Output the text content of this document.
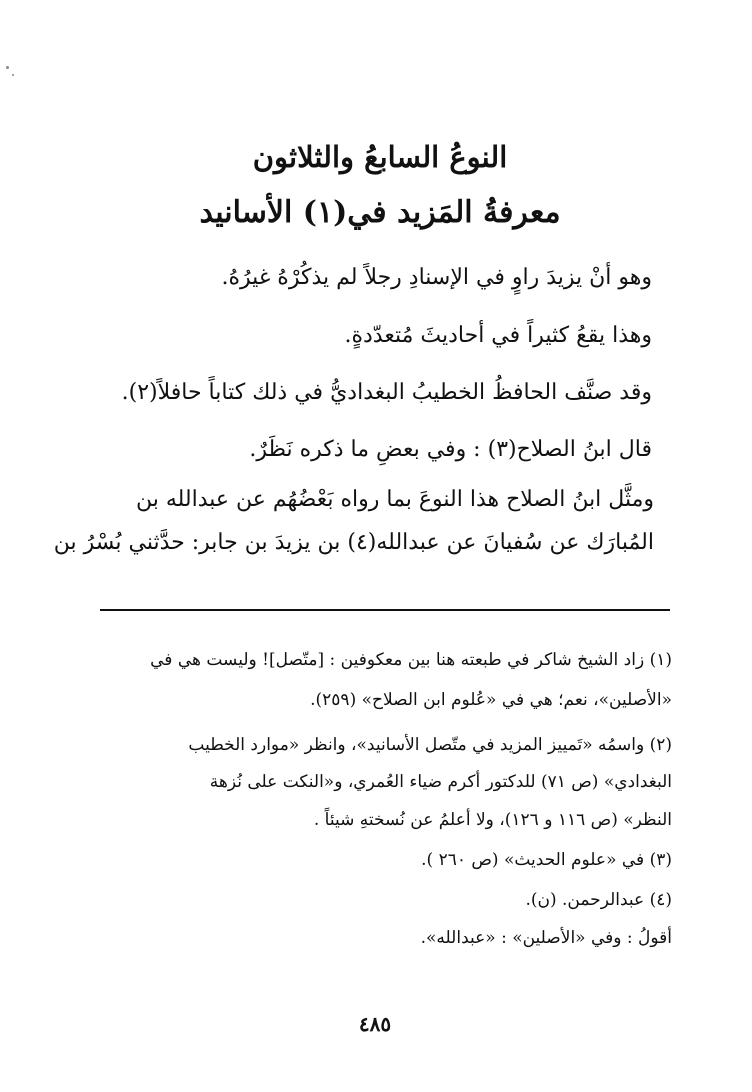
النوعُ السابعُ والثلاثون
معرفةُ المَزيد في(١) الأسانيد
وهو أنْ يزيدَ راوٍ في الإسنادِ رجلاً لم يذكُرْهُ غيرُهُ.
وهذا يقعُ كثيراً في أحاديثَ مُتعدّدةٍ.
وقد صنَّف الحافظُ الخطيبُ البغداديُّ في ذلك كتاباً حافلاً(٢).
قال ابنُ الصلاح(٣) : وفي بعضِ ما ذكره نَظَرٌ.
ومثَّل ابنُ الصلاح هذا النوعَ بما رواه بَعْضُهُم عن عبدالله بن
المُبارَك عن سُفيانَ عن عبدالله(٤) بن يزيدَ بن جابر: حدَّثني بُسْرُ بن
(١) زاد الشيخ شاكر في طبعته هنا بين معكوفين : [متّصل]! وليست هي في
«الأصلين»، نعم؛ هي في «عُلوم ابن الصلاح» (٢٥٩).
(٢) واسمُه «تَمييز المزيد في متّصل الأسانيد»، وانظر «موارد الخطيب
البغدادي» (ص ٧١) للدكتور أكرم ضياء العُمري، و«النكت على نُزهة
النظر» (ص ١١٦ و ١٢٦)، ولا أعلمُ عن نُسختهِ شيئاً .
(٣) في «علوم الحديث» (ص ٢٦٠ ).
(٤) عبدالرحمن. (ن).
أقولُ : وفي «الأصلين» : «عبدالله».
٤٨٥
